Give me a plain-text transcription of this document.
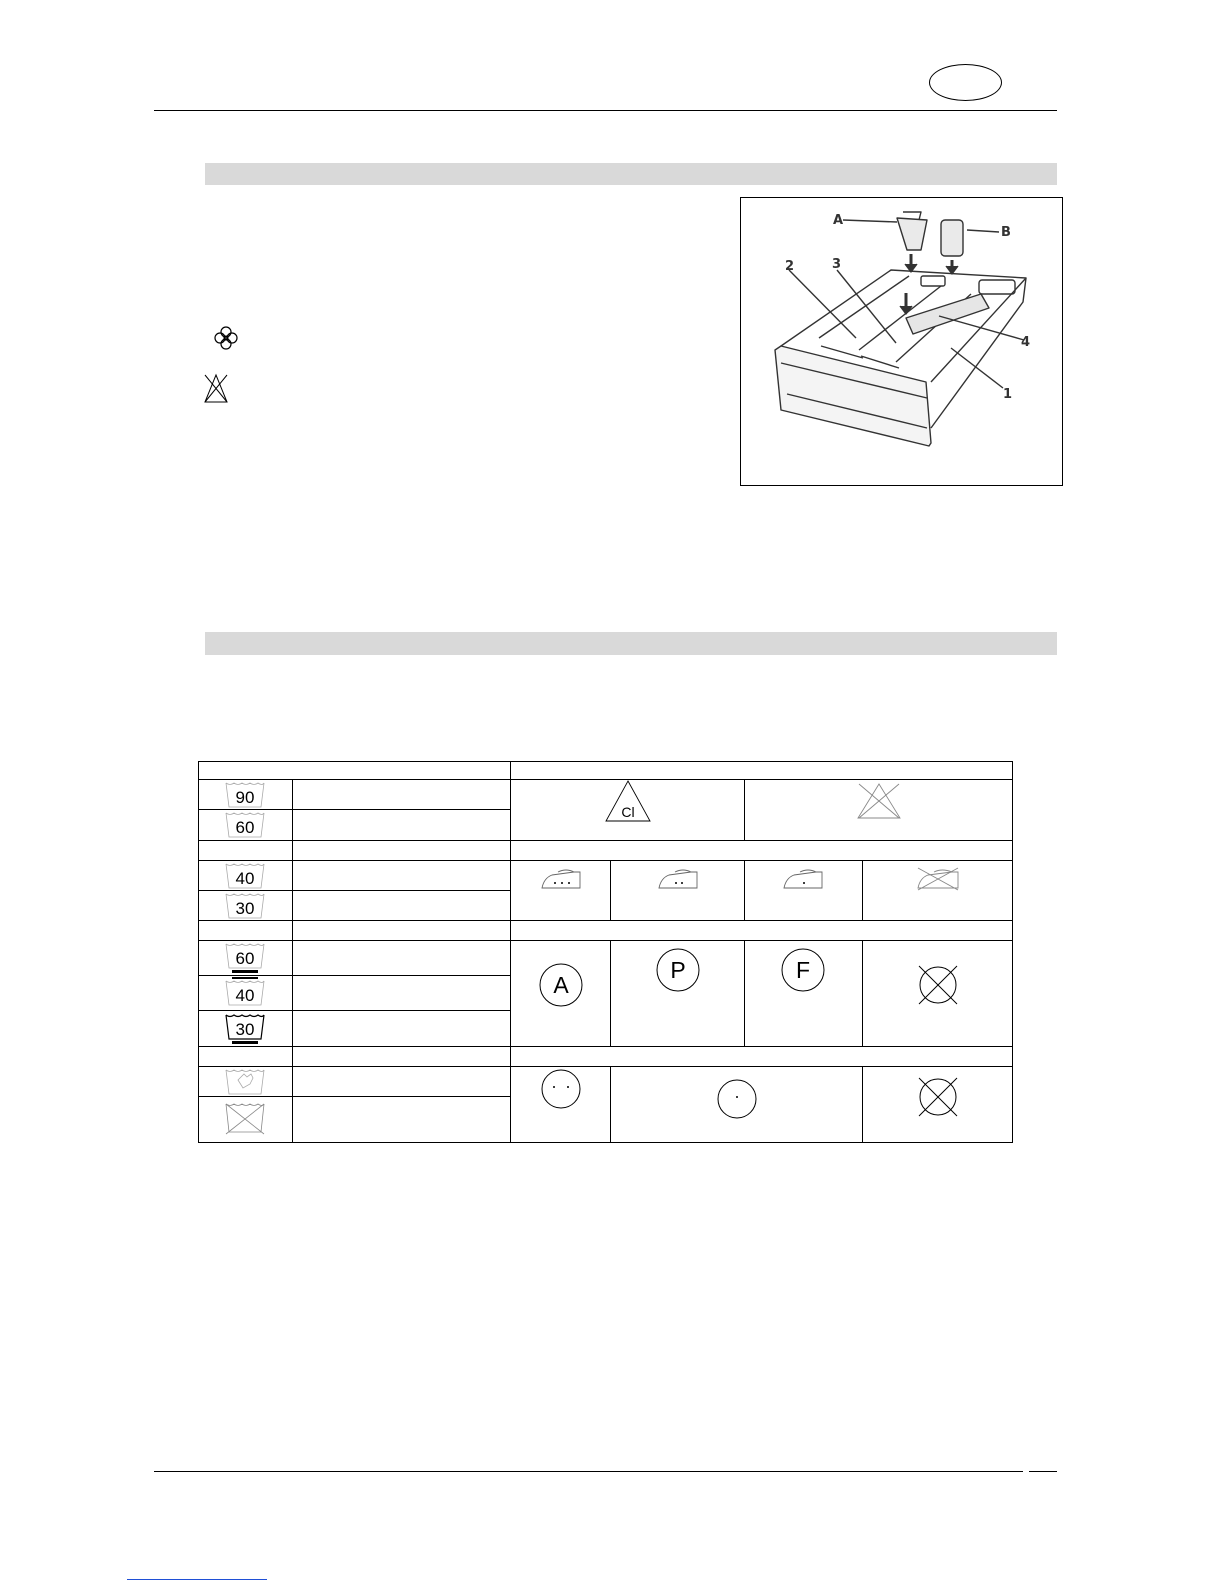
A
B
2	3
4
1
90
60
40
30
60
40
30
Cl
A
P	F
